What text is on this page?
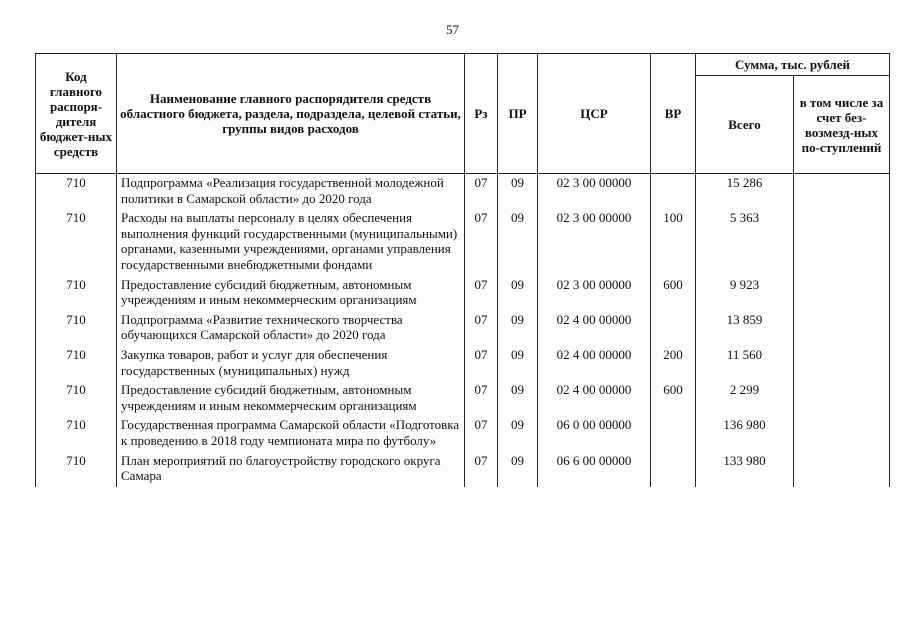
57
Код главного распоря-дителя бюджет-ных средств	Наименование главного распорядителя средств областного бюджета, раздела, подраздела, целевой статьи, группы видов расходов	Рз	ПР	ЦСР	ВР	Сумма, тыс. рублей	
						Всего	в том числе за счет без-возмезд-ных по-ступлений
710	Подпрограмма «Реализация государственной молодежной политики в Самарской области» до 2020 года	07	09	02 3 00 00000		15 286	
710	Расходы на выплаты персоналу в целях обеспечения выполнения функций государственными (муниципальными) органами, казенными учреждениями, органами управления государственными внебюджетными фондами	07	09	02 3 00 00000	100	5 363	
710	Предоставление субсидий бюджетным, автономным учреждениям и иным некоммерческим организациям	07	09	02 3 00 00000	600	9 923	
710	Подпрограмма «Развитие технического творчества обучающихся Самарской области» до 2020 года	07	09	02 4 00 00000		13 859	
710	Закупка товаров, работ и услуг для обеспечения государственных (муниципальных) нужд	07	09	02 4 00 00000	200	11 560	
710	Предоставление субсидий бюджетным, автономным учреждениям и иным некоммерческим организациям	07	09	02 4 00 00000	600	2 299	
710	Государственная программа Самарской области «Подготовка к проведению в 2018 году чемпионата мира по футболу»	07	09	06 0 00 00000		136 980	
710	План мероприятий по благоустройству городского округа Самара	07	09	06 6 00 00000		133 980	
